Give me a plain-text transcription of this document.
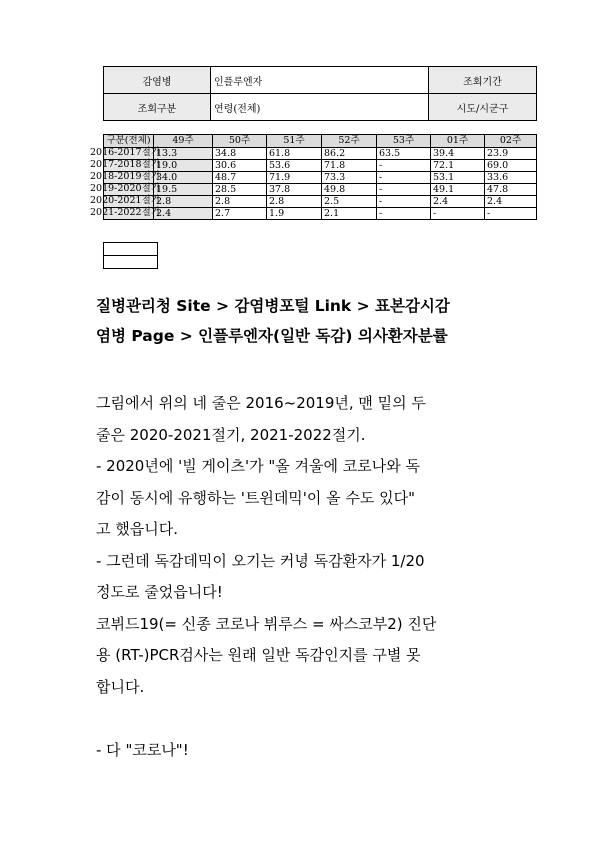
감염병	인플루엔자	조회기간
조회구분	연령(전체)	시도/시군구
구분(전체)	49주	50주	51주	52주	53주	01주	02주

2016-2017절기	13.3	34.8	61.8	86.2	63.5	39.4	23.9

2017-2018절기	19.0	30.6	53.6	71.8	-	72.1	69.0

2018-2019절기	34.0	48.7	71.9	73.3	-	53.1	33.6

2019-2020절기	19.5	28.5	37.8	49.8	-	49.1	47.8

2020-2021절기	2.8	2.8	2.8	2.5	-	2.4	2.4

2021-2022절기	2.4	2.7	1.9	2.1	-	-	-
질병관리청 Site > 감염병포털 Link > 표본감시감
염병 Page > 인플루엔자(일반 독감) 의사환자분률

그림에서 위의 네 줄은 2016~2019년, 맨 밑의 두

줄은 2020-2021절기, 2021-2022절기.

- 2020년에 '빌 게이츠'가 "올 겨울에 코로나와 독

감이 동시에 유행하는 '트윈데믹'이 올 수도 있다"

고 했읍니다.

- 그런데 독감데믹이 오기는 커녕 독감환자가 1/20

정도로 줄었읍니다!

코뷔드19(= 신종 코로나 뷔루스 = 싸스코부2) 진단

용 (RT-)PCR검사는 원래 일반 독감인지를 구별 못

합니다.

- 다 "코로나"!
